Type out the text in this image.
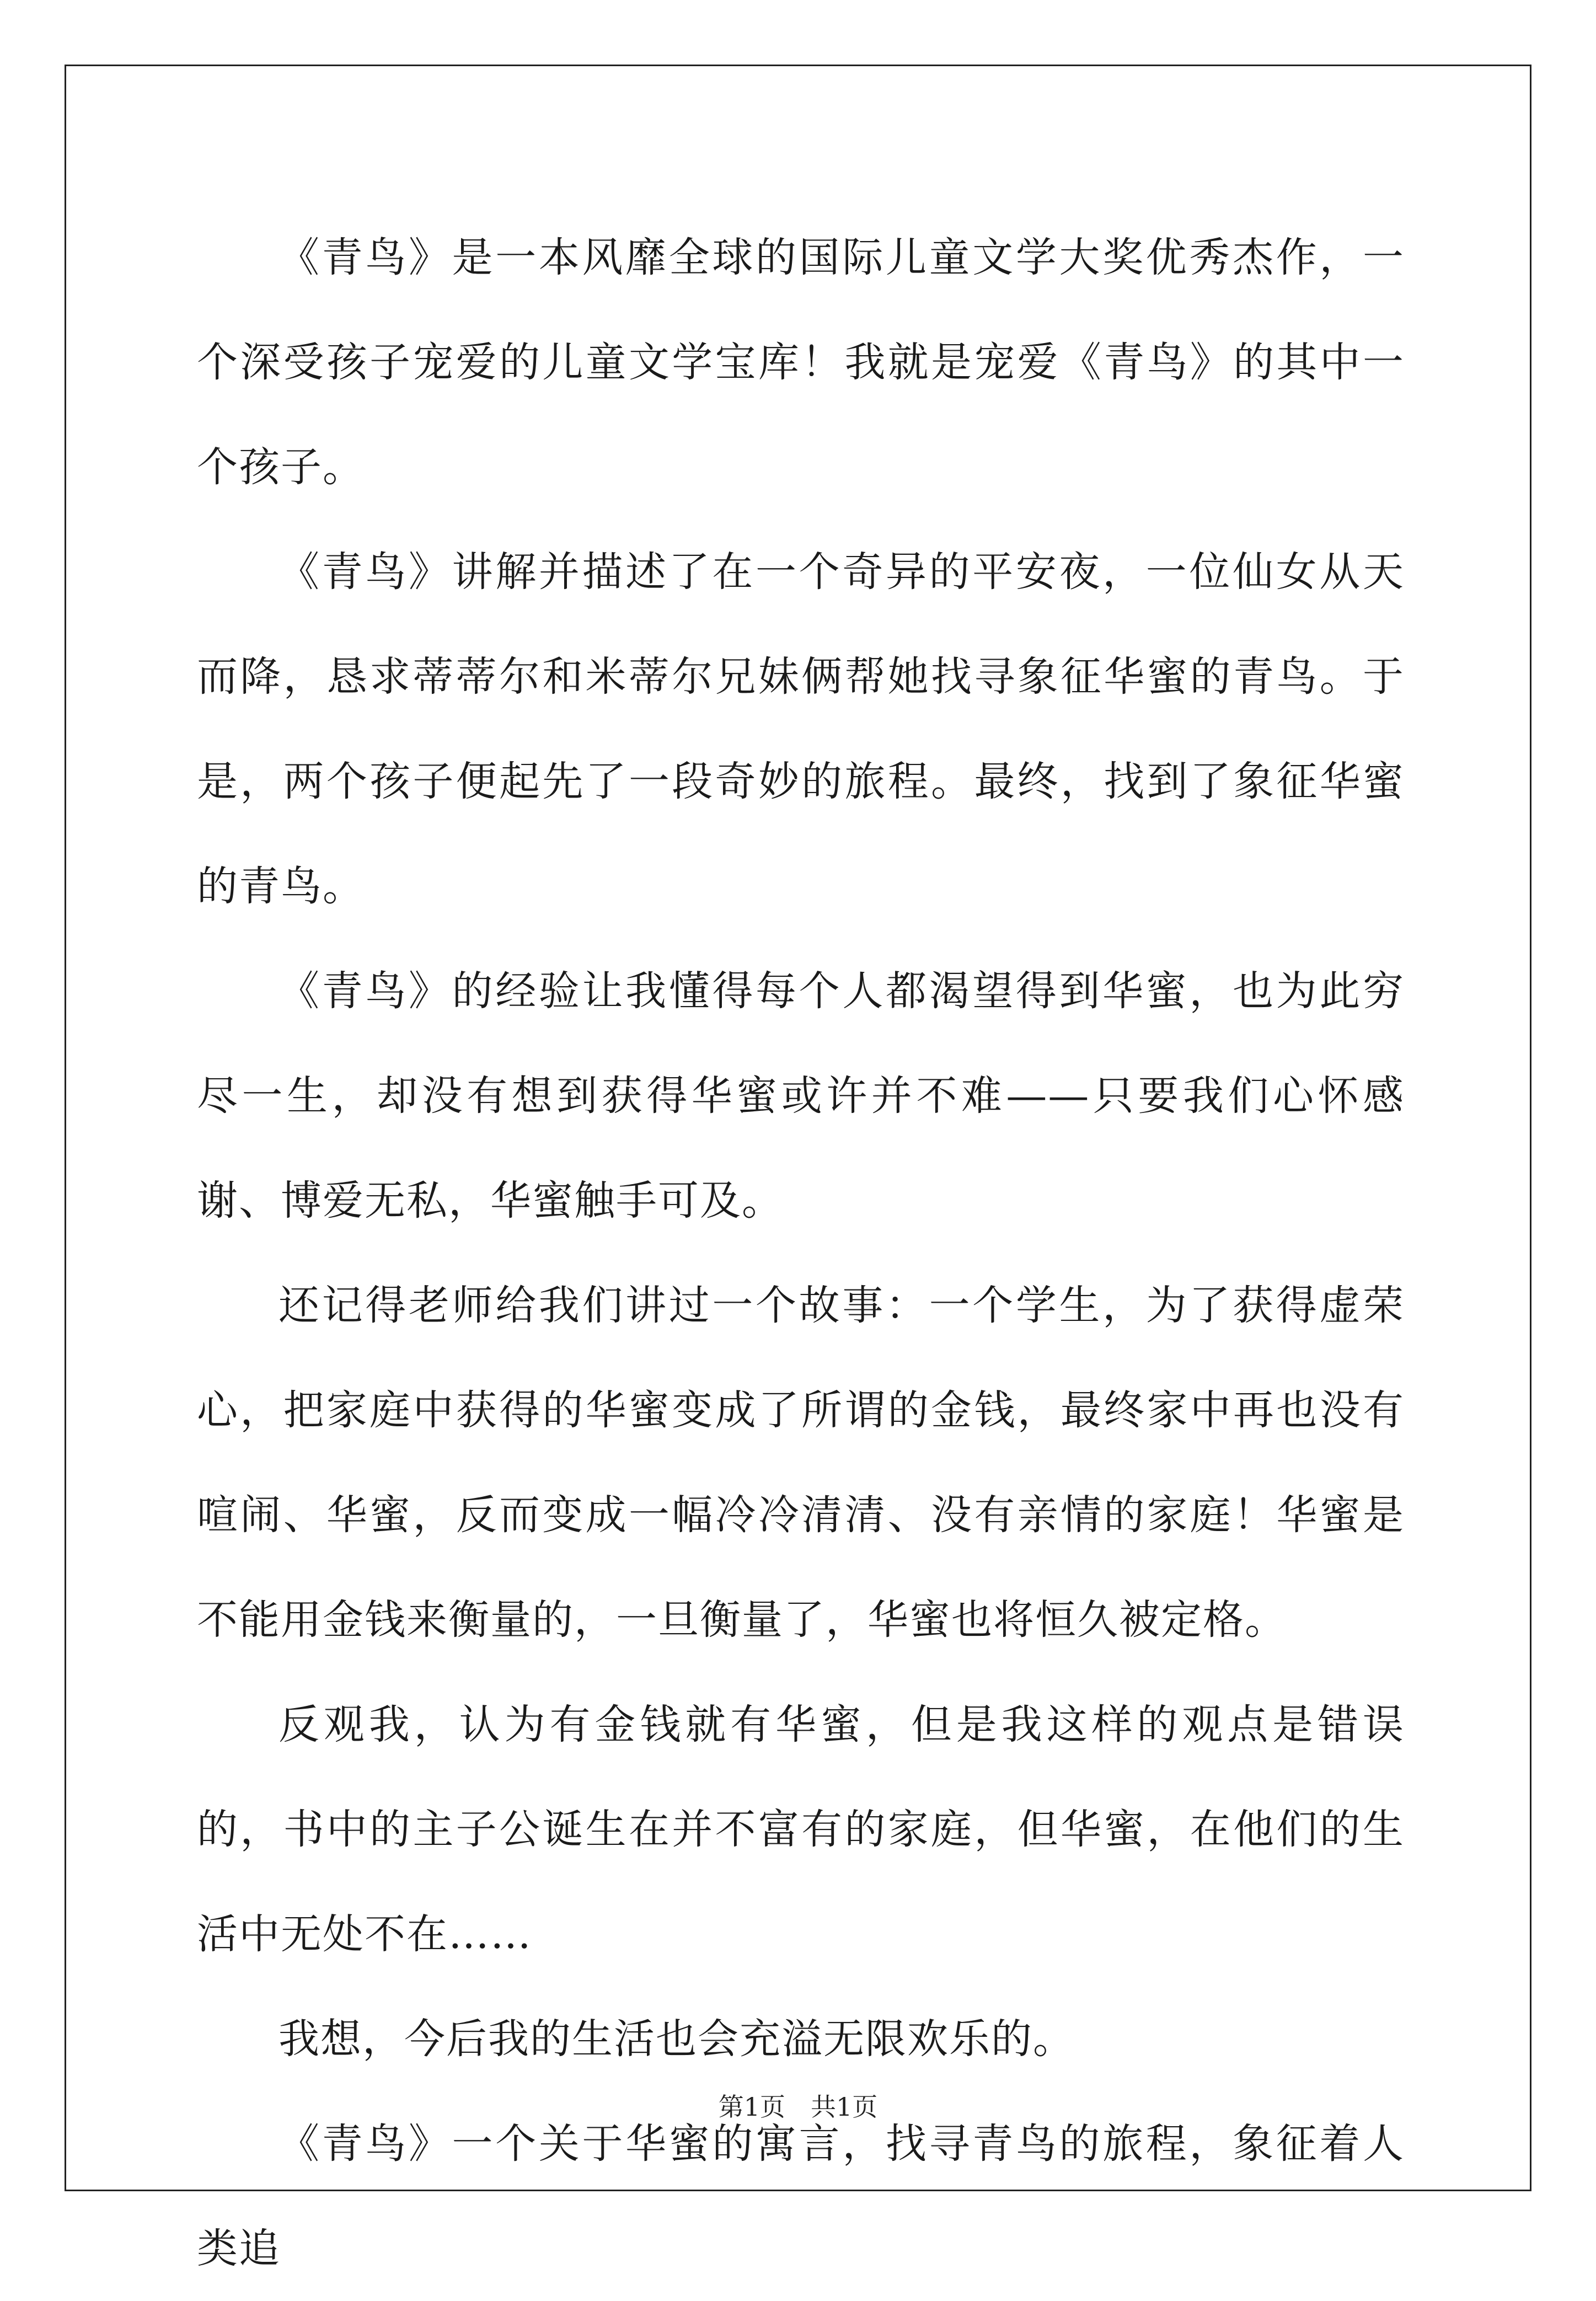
《青鸟》是一本风靡全球的国际儿童文学大奖优秀杰作，一个深受孩子宠爱的儿童文学宝库！我就是宠爱《青鸟》的其中一个孩子。

《青鸟》讲解并描述了在一个奇异的平安夜，一位仙女从天而降，恳求蒂蒂尔和米蒂尔兄妹俩帮她找寻象征华蜜的青鸟。于是，两个孩子便起先了一段奇妙的旅程。最终，找到了象征华蜜的青鸟。

《青鸟》的经验让我懂得每个人都渴望得到华蜜，也为此穷尽一生，却没有想到获得华蜜或许并不难——只要我们心怀感谢、博爱无私，华蜜触手可及。

还记得老师给我们讲过一个故事：一个学生，为了获得虚荣心，把家庭中获得的华蜜变成了所谓的金钱，最终家中再也没有喧闹、华蜜，反而变成一幅冷冷清清、没有亲情的家庭！华蜜是不能用金钱来衡量的，一旦衡量了，华蜜也将恒久被定格。

反观我，认为有金钱就有华蜜，但是我这样的观点是错误的，书中的主子公诞生在并不富有的家庭，但华蜜，在他们的生活中无处不在……

我想，今后我的生活也会充溢无限欢乐的。

《青鸟》一个关于华蜜的寓言，找寻青鸟的旅程，象征着人类追

第1页　共1页
